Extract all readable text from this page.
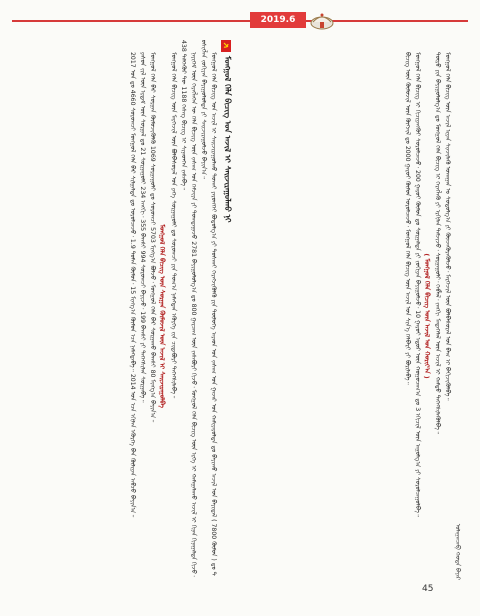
2019.6
ᠮᠣᠩᠭᠣᠯ ᠬᠡᠯᠡ ᠪᠢᠴᠢᠭ ᠤᠨ ᠠᠵᠢᠯ ᠢ ᠰᠠᠢᠵᠢᠷᠠᠭᠤᠯᠬᠤ ᠨᠢ

ᠮᠣᠩᠭᠣᠯ ᠬᠡᠯᠡ ᠪᠢᠴᠢᠭ ᠤᠨ ᠠᠵᠢᠯ ᠢ ᠰᠠᠢᠵᠢᠷᠠᠭᠤᠯᠬᠤ ᠲᠤᠬᠠᠢ ᠶᠡᠷᠦᠩᠬᠡᠢ ᠪᠣᠳᠣᠯᠭ᠎ᠠ ᠶᠢ ᠲᠤᠰᠬᠠᠢ ᠬᠡᠷᠡᠭᠵᠢᠭᠦᠯᠬᠦ ᠶᠢᠨ ᠲᠦᠯᠦᠭᠡ ᠠᠷᠠᠳ ᠤᠨ ᠵᠠᠰᠠᠭ ᠤᠨ ᠭᠠᠵᠠᠷ ᠤᠨ ᠬᠠᠮᠢᠶᠠᠷᠤᠯᠲᠠ ᠳᠤ ᠪᠠᠶᠢᠬᠤ ᠠᠵᠢᠯ ᠤᠨ ᠪᠠᠶᠢᠳᠠᠯ ( 7800 ᠬᠦᠮᠦᠨ ) ᠳᠤ ᠲᠦᠰᠢᠭᠯᠡᠨ ᠵᠣᠬᠢᠶᠠᠨ ᠪᠠᠶᠢᠭᠤᠯᠤᠯᠲᠠ ᠶᠢ ᠰᠠᠢᠵᠢᠷᠠᠭᠤᠯᠵᠤ ᠪᠠᠶᠢᠨ᠎ᠠ᠃

ᠨᠡᠶᠢᠭᠡᠮ ᠦᠨ ᠬᠡᠷᠡᠭᠯᠡᠭᠡᠨ ᠦ ᠬᠡᠯᠡ ᠪᠢᠴᠢᠭ ᠦᠨ ᠵᠠᠰᠠᠭ ᠤᠨ ᠬᠡᠮᠵᠢᠶᠡ ᠶᠢ ᠲᠣᠭᠲᠠᠭᠠᠵᠤ 2781 ᠪᠠᠶᠢᠭᠤᠯᠤᠯᠭ᠎ᠠ ᠳᠤ 800 ᠭᠠᠷᠴᠠᠭ ᠦᠨ ᠵᠠᠰᠠᠪᠤᠷᠢ ᠬᠢᠵᠦ᠂ ᠮᠣᠩᠭᠣᠯ ᠬᠡᠯᠡ ᠪᠢᠴᠢᠭ ᠦᠨ ᠡᠷᠬᠡ ᠢ ᠬᠠᠮᠠᠭᠠᠯᠠᠬᠤ ᠠᠵᠢᠯ ᠢ ᠬᠢᠨᠠᠨ ᠬᠢᠨᠠᠭᠠᠯᠲᠠ ᠬᠢᠵᠦ᠂ 438 ᠳᠡᠯᠭᠡᠭᠦᠷ ᠲᠦ 1188 ᠬᠡᠰᠡᠭ ᠪᠢᠴᠢᠭ ᠢ ᠰᠢᠨᠡᠳᠬᠡᠨ ᠵᠠᠰᠠᠪᠠ᠃

ᠮᠣᠩᠭᠣᠯ ᠬᠡᠯᠡ ᠪᠢᠴᠢᠭ ᠦᠨ ᠮᠡᠷᠭᠡᠵᠢᠯ ᠦᠨ ᠪᠣᠯᠪᠠᠰᠤᠷᠠᠯ ᠤᠨ ᠶᠡᠬᠡ ᠰᠤᠷᠭᠠᠭᠤᠯᠢ ᠳᠤ ᠰᠤᠷᠤᠭᠴᠢ ᠶᠢᠨ ᠲᠣᠭ᠎ᠠ ᠨᠡᠮᠡᠭᠳᠡᠨ ᠡᠭᠦᠷᠭᠡ ᠵᠢᠨ ᠴᠢᠳᠠᠪᠤᠷᠢ ᠳᠡᠭᠡᠭᠰᠢᠯᠡᠪᠡ᠃

ᠮᠣᠩᠭᠣᠯ ᠬᠡᠯᠡ ᠪᠢᠴᠢᠭ ᠦᠨ ᠰᠤᠷᠭᠠᠨ ᠬᠦᠮᠦᠵᠢᠯ ᠦᠨ ᠠᠵᠢᠯ ᠢ ᠰᠠᠢᠵᠢᠷᠠᠭᠤᠯᠪᠠ

ᠮᠣᠩᠭᠣᠯ ᠬᠡᠯᠡ ᠪᠡᠷ ᠰᠤᠷᠭᠠᠨ ᠬᠦᠮᠦᠵᠢᠭᠦᠯᠬᠦ 1069 ᠰᠤᠷᠭᠠᠭᠤᠯᠢ ᠳᠤ ᠰᠤᠷᠤᠭᠴᠢ 5703 ᠮᠢᠩᠭ᠎ᠠ ᠪᠣᠯᠵᠤ᠂ ᠮᠣᠩᠭᠣᠯ ᠬᠡᠯᠡ ᠪᠡᠷ ᠰᠤᠷᠭᠠᠬᠤ ᠪᠠᠭᠰᠢ 80 ᠮᠢᠩᠭ᠎ᠠ ᠪᠠᠶᠢᠨ᠎ᠠ᠃

ᠶᠡᠰᠦᠨ ᠵᠢᠯ ᠦᠨ ᠡᠷᠳᠡᠮ ᠦᠨ ᠰᠤᠷᠭᠠᠯ ᠳᠤ 21 ᠰᠤᠷᠭᠠᠭᠤᠯᠢ 234 ᠠᠩᠭᠢ᠂ 355 ᠪᠠᠭᠰᠢ 994 ᠰᠤᠷᠤᠭᠴᠢ ᠪᠠᠶᠢᠵᠤ᠂ 199 ᠪᠠᠭᠰᠢ ᠶᠢ ᠳᠡᠭᠡᠭᠰᠢᠯᠡᠨ ᠰᠤᠷᠭᠠᠪᠠ᠃

2017 ᠣᠨ ᠳᠤ 4660 ᠰᠤᠷᠤᠭᠴᠢ ᠮᠣᠩᠭᠣᠯ ᠬᠡᠯᠡ ᠪᠡᠷ ᠰᠢᠯᠭᠠᠯᠲᠠ ᠳᠤ ᠣᠷᠣᠯᠴᠠᠵᠤ᠂ 1.9 ᠲᠤᠮᠡᠨ ᠬᠦᠮᠦᠨ᠂ 15 ᠮᠢᠩᠭ᠎ᠠ ᠬᠦᠮᠦᠨ ᠡᠴᠡ ᠨᠡᠮᠡᠭᠳᠡᠪᠡ᠃ 2014 ᠣᠨ ᠡᠴᠡ ᠡᠬᠢᠯᠡᠨ ᠡᠭᠦᠷᠭᠡ ᠪᠡᠨ ᠬᠦᠯᠢᠶᠡᠨ ᠠᠪᠴᠤ ᠪᠠᠶᠢᠨ᠎ᠠ᠃

ᠤᠯᠠᠭᠠᠨᠴᠠᠪ ᠬᠣᠲᠠ ᠪᠠᠶᠠᠷ

ᠮᠣᠩᠭᠣᠯ ᠬᠡᠯᠡ ᠪᠢᠴᠢᠭ ᠦᠨ ᠠᠵᠢᠯ ᠢᠶᠡᠨ ᠰᠢᠨᠵᠢᠯᠡᠬᠦ ᠤᠬᠠᠭᠠᠨ ᠤ ᠰᠤᠳᠤᠯᠭ᠎ᠠ ᠶᠢ ᠭᠦᠨᠵᠡᠭᠦᠷᠡᠭᠦᠯᠵᠦ᠂ ᠮᠡᠷᠭᠡᠵᠢᠯ ᠦᠨ ᠪᠣᠯᠪᠠᠰᠤᠷᠠᠯ ᠤᠨ ᠪᠠᠭ ᠢ ᠪᠡᠬᠢᠵᠢᠭᠦᠯᠪᠡ᠃

ᠲᠥᠷᠥ ᠶᠢᠨ ᠪᠠᠶᠢᠭᠤᠯᠤᠯᠭ᠎ᠠ ᠳᠤ ᠮᠣᠩᠭᠣᠯ ᠬᠡᠯᠡ ᠪᠢᠴᠢᠭ ᠢ ᠬᠡᠷᠡᠭᠯᠡᠬᠦ ᠶᠢ ᠡᠷᠬᠢᠯᠡᠨ ᠳᠡᠮᠵᠢᠵᠦ᠂ ᠰᠤᠷᠭᠠᠭᠤᠯᠢ᠂ ᠬᠡᠪᠯᠡᠯ᠂ ᠵᠠᠩᠭᠢ ᠮᠡᠳᠡᠭᠡᠯᠡᠯ ᠦᠨ ᠠᠵᠢᠯ ᠢ ᠬᠠᠮᠲᠤ ᠳᠡᠭᠡᠭᠰᠢᠯᠡᠭᠦᠯᠪᠡ᠃

( ᠮᠣᠩᠭᠣᠯ ᠬᠡᠯᠡ ᠪᠢᠴᠢᠭ ᠦᠨ ᠠᠵᠢᠯ ᠤᠨ ᠬᠣᠷᠢᠶ᠎ᠠ )

ᠮᠣᠩᠭᠣᠯ ᠬᠡᠯᠡ ᠪᠢᠴᠢᠭ ᠢ ᠬᠢᠴᠢᠶᠡᠩᠭᠦᠢ ᠰᠤᠷᠤᠯᠴᠠᠵᠤ᠂ 200 ᠭᠠᠷᠤᠢ ᠬᠦᠮᠦᠨ ᠳᠤ ᠰᠤᠷᠭᠠᠯᠲᠠ ᠶᠢ ᠵᠣᠬᠢᠶᠠᠨ ᠪᠠᠶᠢᠭᠤᠯᠵᠤ᠂ 10 ᠭᠠᠷᠤᠢ ᠡᠳᠦᠷ ᠦᠨ ᠬᠤᠭᠤᠴᠠᠭ᠎ᠠ ᠳᠤ 3 ᠡᠬᠢᠴᠢᠯ ᠦᠨ ᠠᠭᠤᠯᠭ᠎ᠠ ᠶᠢ ᠰᠤᠷᠤᠯᠴᠠᠭᠤᠯᠪᠠ᠃

ᠪᠢᠴᠢᠭ ᠦᠨ ᠬᠦᠮᠦᠵᠢᠯ ᠦᠨ ᠬᠥᠭᠵᠢᠯ ᠳᠤ 2000 ᠭᠠᠷᠤᠢ ᠬᠦᠮᠦᠨ ᠣᠷᠣᠯᠴᠠᠵᠤ᠂ ᠮᠣᠩᠭᠣᠯ ᠬᠡᠯᠡ ᠪᠢᠴᠢᠭ ᠦᠨ ᠠᠵᠢᠯ ᠤᠨ ᠰᠢᠨ᠎ᠡ ᠬᠡᠯᠪᠡᠷᠢ ᠶᠢ ᠪᠣᠷᠢᠯᠠᠪᠠ᠃

45
